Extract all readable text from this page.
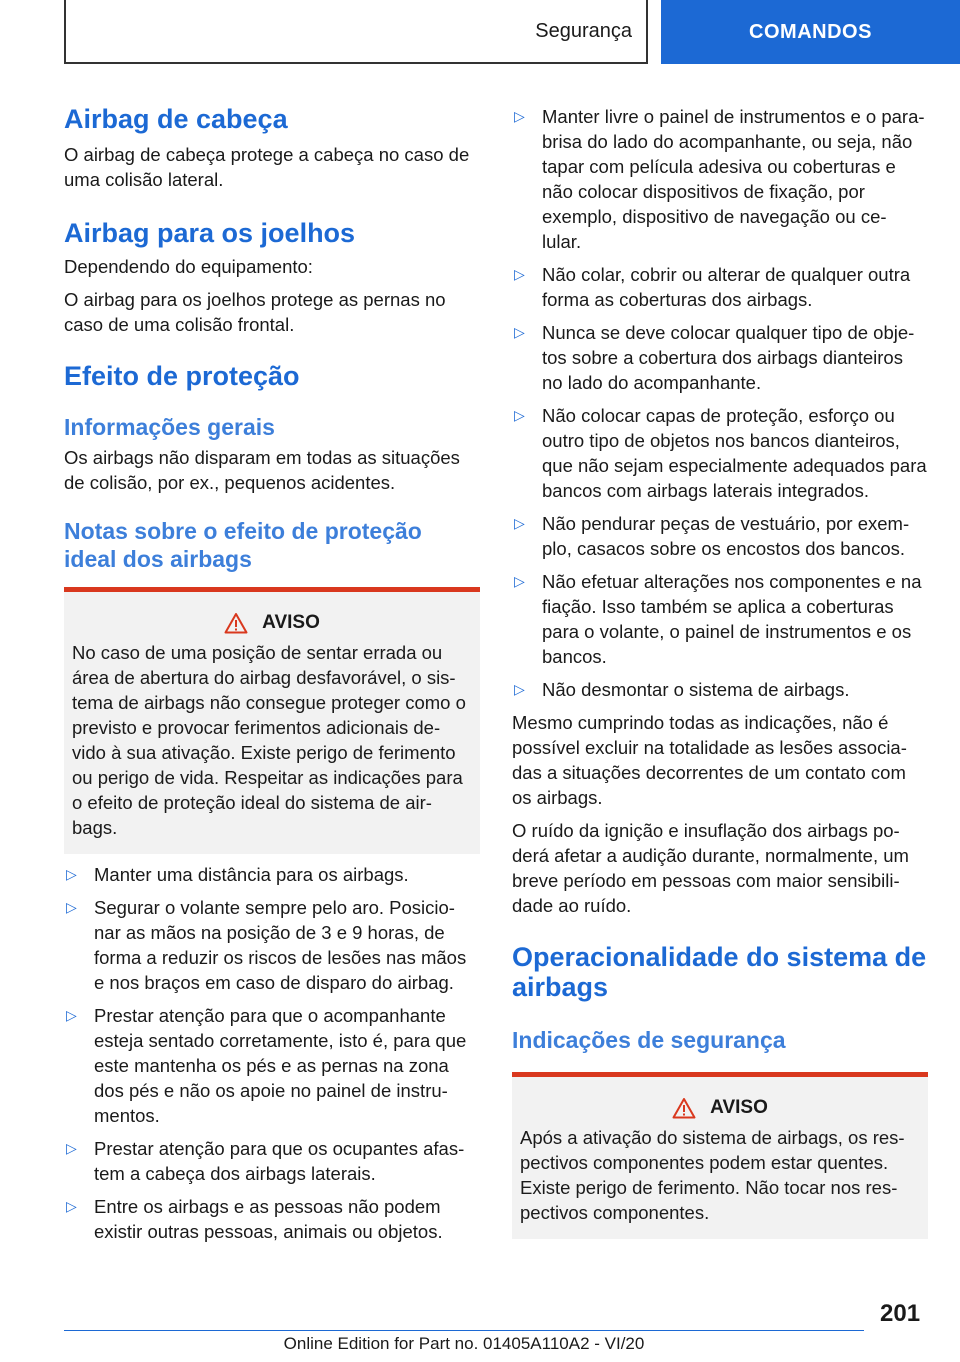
Segurança	COMANDOS
Airbag de cabeça

O airbag de cabeça protege a cabeça no caso de uma colisão lateral.

Airbag para os joelhos

Dependendo do equipamento:

O airbag para os joelhos protege as pernas no caso de uma colisão frontal.

Efeito de proteção
Informações gerais

Os airbags não disparam em todas as situações de colisão, por ex., pequenos acidentes.

Notas sobre o efeito de proteção ideal dos airbags
AVISO

No caso de uma posição de sentar errada ou área de abertura do airbag desfavorável, o sis- tema de airbags não consegue proteger como o previsto e provocar ferimentos adicionais de- vido à sua ativação. Existe perigo de ferimento ou perigo de vida. Respeitar as indicações para o efeito de proteção ideal do sistema de air- bags.

▷ Manter uma distância para os airbags.
▷ Segurar o volante sempre pelo aro. Posicio- nar as mãos na posição de 3 e 9 horas, de forma a reduzir os riscos de lesões nas mãos e nos braços em caso de disparo do airbag.
▷ Prestar atenção para que o acompanhante esteja sentado corretamente, isto é, para que este mantenha os pés e as pernas na zona dos pés e não os apoie no painel de instru- mentos.
▷ Prestar atenção para que os ocupantes afas- tem a cabeça dos airbags laterais.
▷ Entre os airbags e as pessoas não podem existir outras pessoas, animais ou objetos.
▷ Manter livre o painel de instrumentos e o para-brisa do lado do acompanhante, ou seja, não tapar com película adesiva ou coberturas e não colocar dispositivos de fixação, por exemplo, dispositivo de navegação ou ce- lular.
▷ Não colar, cobrir ou alterar de qualquer outra forma as coberturas dos airbags.
▷ Nunca se deve colocar qualquer tipo de obje- tos sobre a cobertura dos airbags dianteiros no lado do acompanhante.
▷ Não colocar capas de proteção, esforço ou outro tipo de objetos nos bancos dianteiros, que não sejam especialmente adequados para bancos com airbags laterais integrados.
▷ Não pendurar peças de vestuário, por exem- plo, casacos sobre os encostos dos bancos.
▷ Não efetuar alterações nos componentes e na fiação. Isso também se aplica a coberturas para o volante, o painel de instrumentos e os bancos.
▷ Não desmontar o sistema de airbags.

Mesmo cumprindo todas as indicações, não é possível excluir na totalidade as lesões associa- das a situações decorrentes de um contato com os airbags.

O ruído da ignição e insuflação dos airbags po- derá afetar a audição durante, normalmente, um breve período em pessoas com maior sensibili- dade ao ruído.

Operacionalidade do sistema de airbags
Indicações de segurança
AVISO

Após a ativação do sistema de airbags, os res- pectivos componentes podem estar quentes. Existe perigo de ferimento. Não tocar nos res- pectivos componentes.

201
Online Edition for Part no. 01405A110A2 - VI/20
